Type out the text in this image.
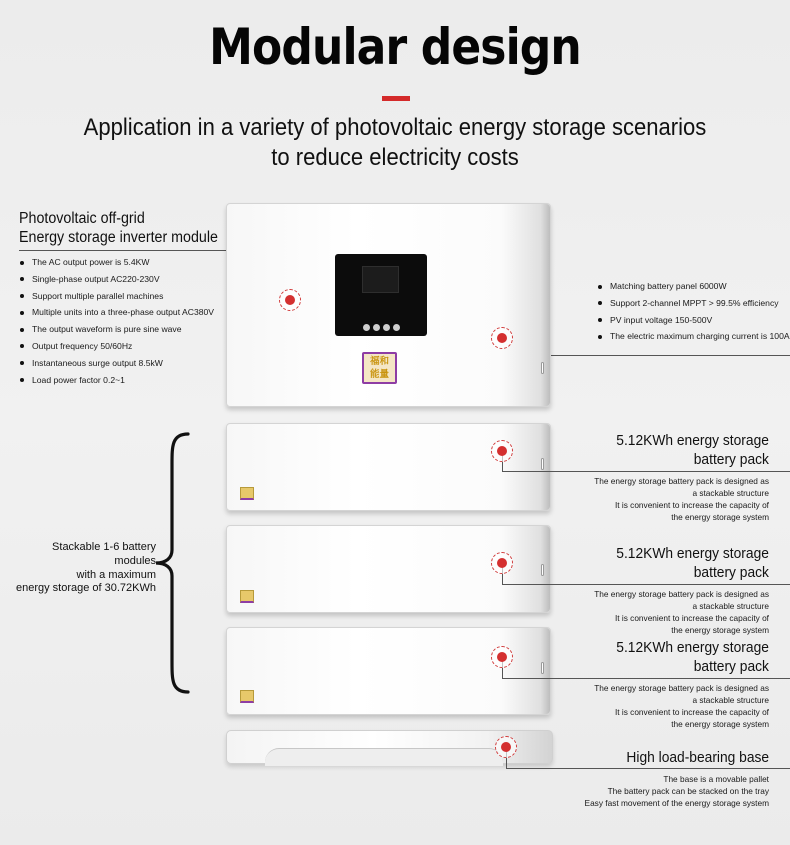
Modular design
Application in a variety of photovoltaic energy storage scenarios
to reduce electricity costs
Photovoltaic off-grid
Energy storage inverter module
The AC output power is 5.4KW
Single-phase output AC220-230V
Support multiple parallel machines
Multiple units into a three-phase output AC380V
The output waveform is pure sine wave
Output frequency 50/60Hz
Instantaneous surge output 8.5kW
Load power factor 0.2~1
Matching battery panel 6000W
Support 2-channel MPPT > 99.5% efficiency
PV input voltage 150-500V
The electric maximum charging current is 100A
福和
能量
5.12KWh energy storage
battery pack
The energy storage battery pack is designed as
a stackable structure
It is convenient to increase the capacity of
the energy storage system
5.12KWh energy storage
battery pack
The energy storage battery pack is designed as
a stackable structure
It is convenient to increase the capacity of
the energy storage system
5.12KWh energy storage
battery pack
The energy storage battery pack is designed as
a stackable structure
It is convenient to increase the capacity of
the energy storage system
Stackable 1-6 battery modules
with a maximum
energy storage of 30.72KWh
High load-bearing base
The base is a movable pallet
The battery pack can be stacked on the tray
Easy fast movement of the energy storage system
